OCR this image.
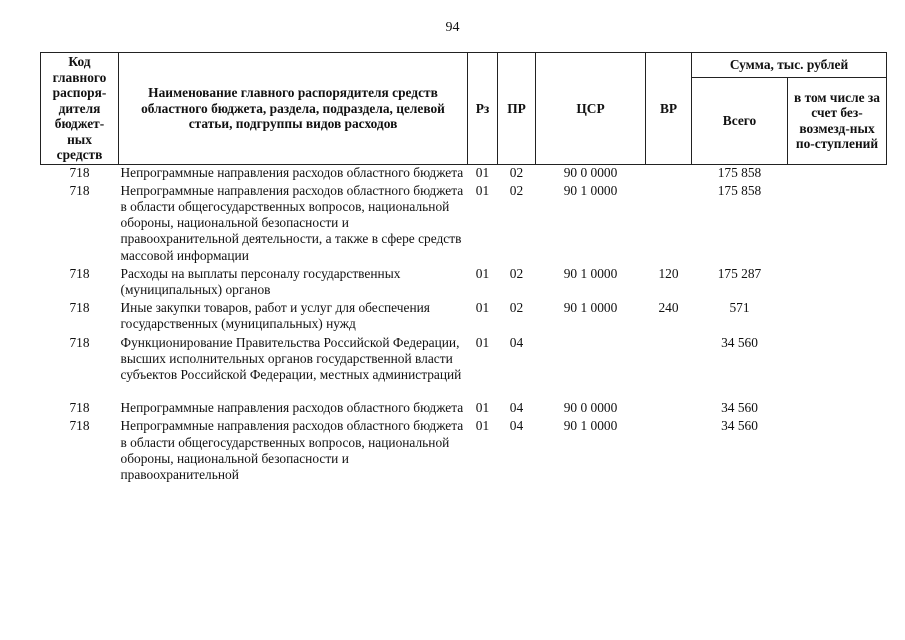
94
Код главного распоря-дителя бюджет-ных средств	Наименование главного распорядителя средств областного бюджета, раздела, подраздела, целевой статьи, подгруппы видов расходов	Рз	ПР	ЦСР	ВР	Сумма, тыс. рублей	
						Всего	в том числе за счет без-возмезд-ных по-ступлений
718	Непрограммные направления расходов областного бюджета	01	02	90 0 0000		175 858	
718	Непрограммные направления расходов областного бюджета в области общегосударственных вопросов, национальной обороны, национальной безопасности и правоохранительной деятельности, а также в сфере средств массовой информации	01	02	90 1 0000		175 858	
718	Расходы на выплаты персоналу государственных (муниципальных) органов	01	02	90 1 0000	120	175 287	
718	Иные закупки товаров, работ и услуг для обеспечения государственных (муниципальных) нужд	01	02	90 1 0000	240	571	
718	Функционирование Правительства Российской Федерации, высших исполнительных органов государственной власти субъектов Российской Федерации, местных администраций	01	04			34 560	
718	Непрограммные направления расходов областного бюджета	01	04	90 0 0000		34 560	
718	Непрограммные направления расходов областного бюджета в области общегосударственных вопросов, национальной обороны, национальной безопасности и правоохранительной	01	04	90 1 0000		34 560	
